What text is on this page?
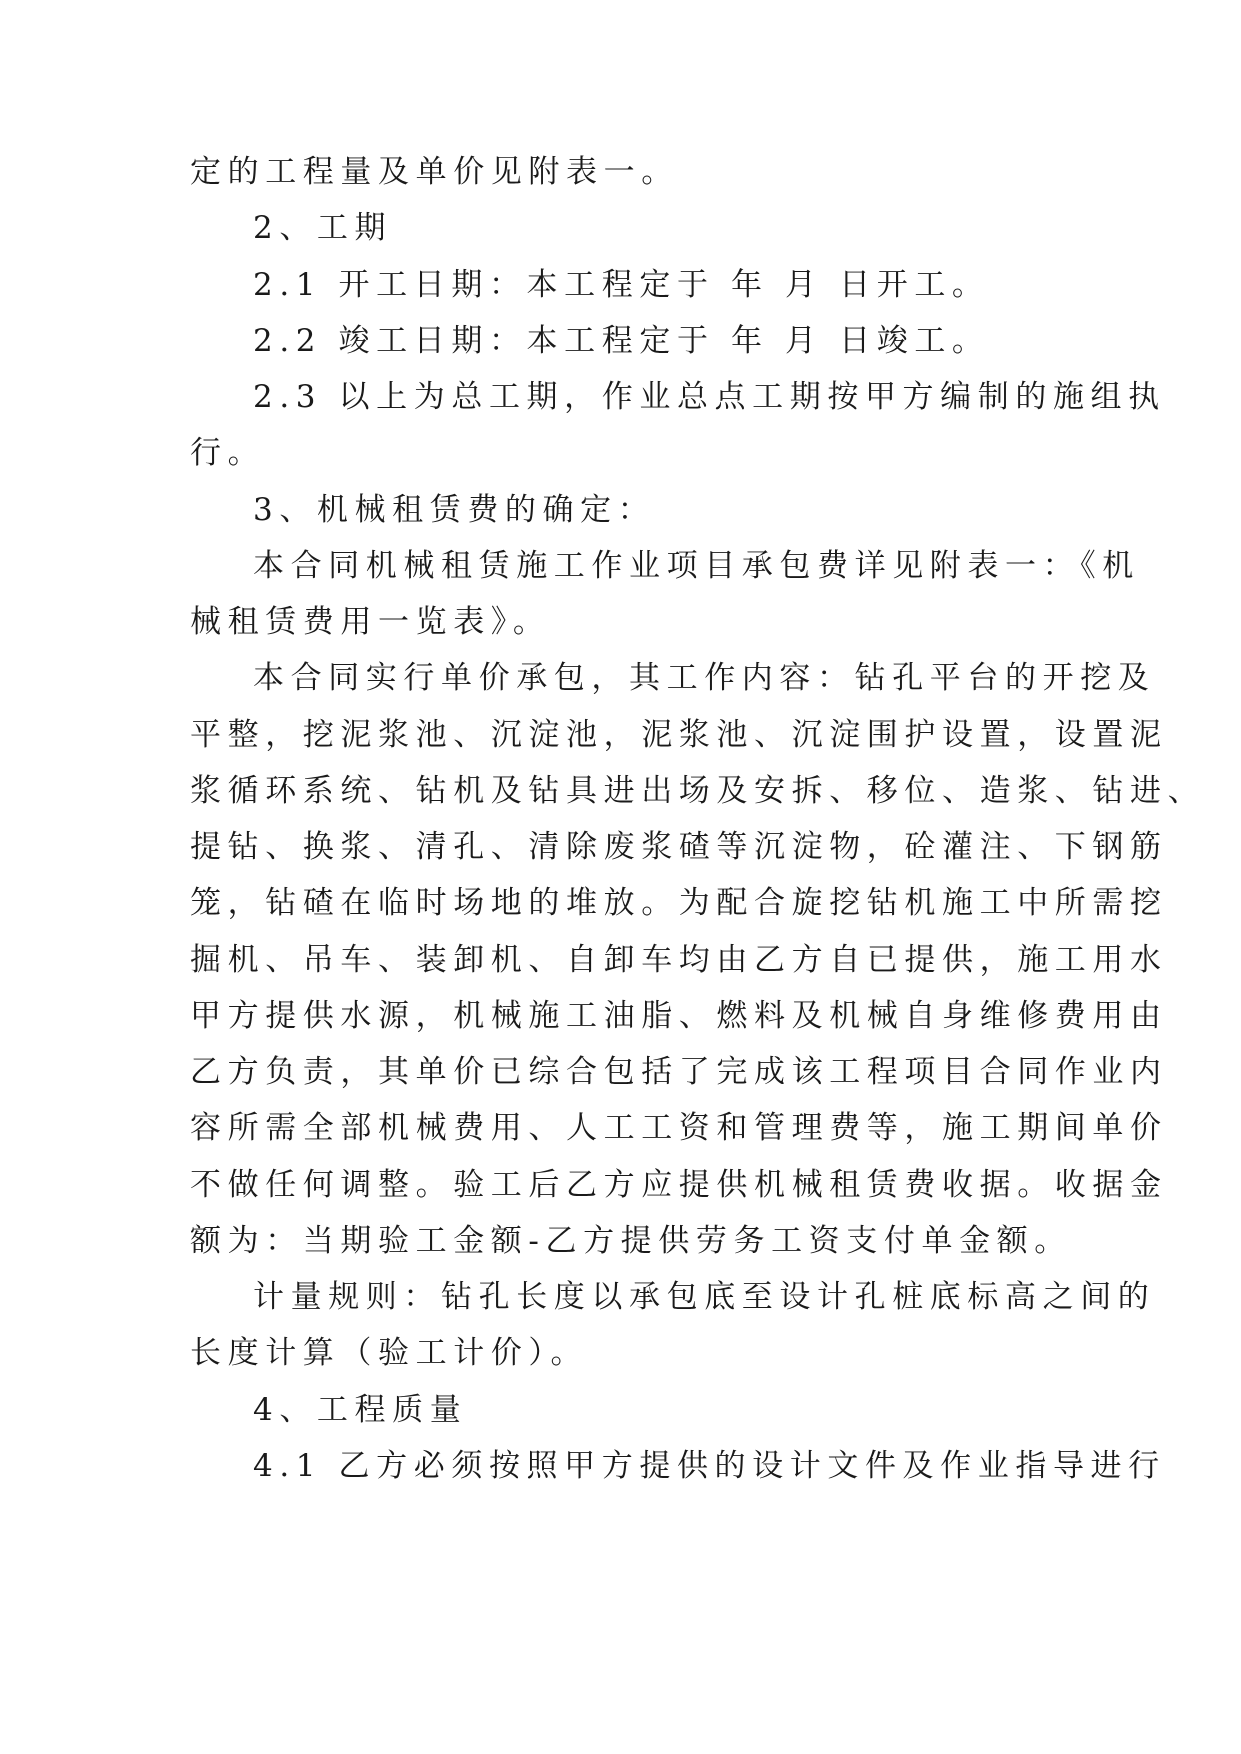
定的工程量及单价见附表一。
2、工期
2.1 开工日期：本工程定于 年 月 日开工。
2.2 竣工日期：本工程定于 年 月 日竣工。
2.3 以上为总工期，作业总点工期按甲方编制的施组执
行。
3、机械租赁费的确定：
本合同机械租赁施工作业项目承包费详见附表一：《机
械租赁费用一览表》。
本合同实行单价承包，其工作内容：钻孔平台的开挖及
平整，挖泥浆池、沉淀池，泥浆池、沉淀围护设置，设置泥
浆循环系统、钻机及钻具进出场及安拆、移位、造浆、钻进、
提钻、换浆、清孔、清除废浆碴等沉淀物，砼灌注、下钢筋
笼，钻碴在临时场地的堆放。为配合旋挖钻机施工中所需挖
掘机、吊车、装卸机、自卸车均由乙方自已提供，施工用水
甲方提供水源，机械施工油脂、燃料及机械自身维修费用由
乙方负责，其单价已综合包括了完成该工程项目合同作业内
容所需全部机械费用、人工工资和管理费等，施工期间单价
不做任何调整。验工后乙方应提供机械租赁费收据。收据金
额为：当期验工金额-乙方提供劳务工资支付单金额。
计量规则：钻孔长度以承包底至设计孔桩底标高之间的
长度计算（验工计价）。
4、工程质量
4.1 乙方必须按照甲方提供的设计文件及作业指导进行
